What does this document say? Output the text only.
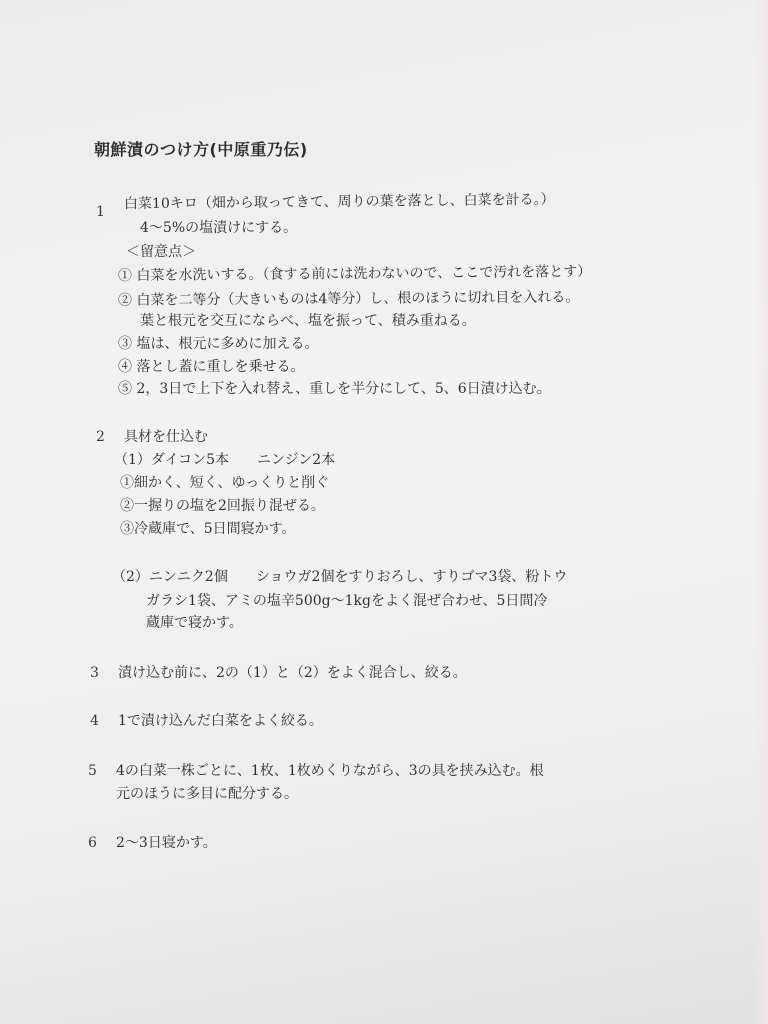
朝鮮漬のつけ方(中原重乃伝)
1 白菜10キロ（畑から取ってきて、周りの葉を落とし、白菜を計る。）
4～5%の塩漬けにする。
＜留意点＞
① 白菜を水洗いする。（食する前には洗わないので、ここで汚れを落とす）
② 白菜を二等分（大きいものは4等分）し、根のほうに切れ目を入れる。
葉と根元を交互にならべ、塩を振って、積み重ねる。
③ 塩は、根元に多めに加える。
④ 落とし蓋に重しを乗せる。
⑤ 2，3日で上下を入れ替え、重しを半分にして、5、6日漬け込む。
2 具材を仕込む
（1）ダイコン5本　　ニンジン2本
①細かく、短く、ゆっくりと削ぐ
②一握りの塩を2回振り混ぜる。
③冷蔵庫で、5日間寝かす。
（2）ニンニク2個　　ショウガ2個をすりおろし、すりゴマ3袋、粉トウ
ガラシ1袋、アミの塩辛500g～1kgをよく混ぜ合わせ、5日間冷
蔵庫で寝かす。
3 漬け込む前に、2の（1）と（2）をよく混合し、絞る。
4 1で漬け込んだ白菜をよく絞る。
5 4の白菜一株ごとに、1枚、1枚めくりながら、3の具を挟み込む。根
元のほうに多目に配分する。
6 2～3日寝かす。
